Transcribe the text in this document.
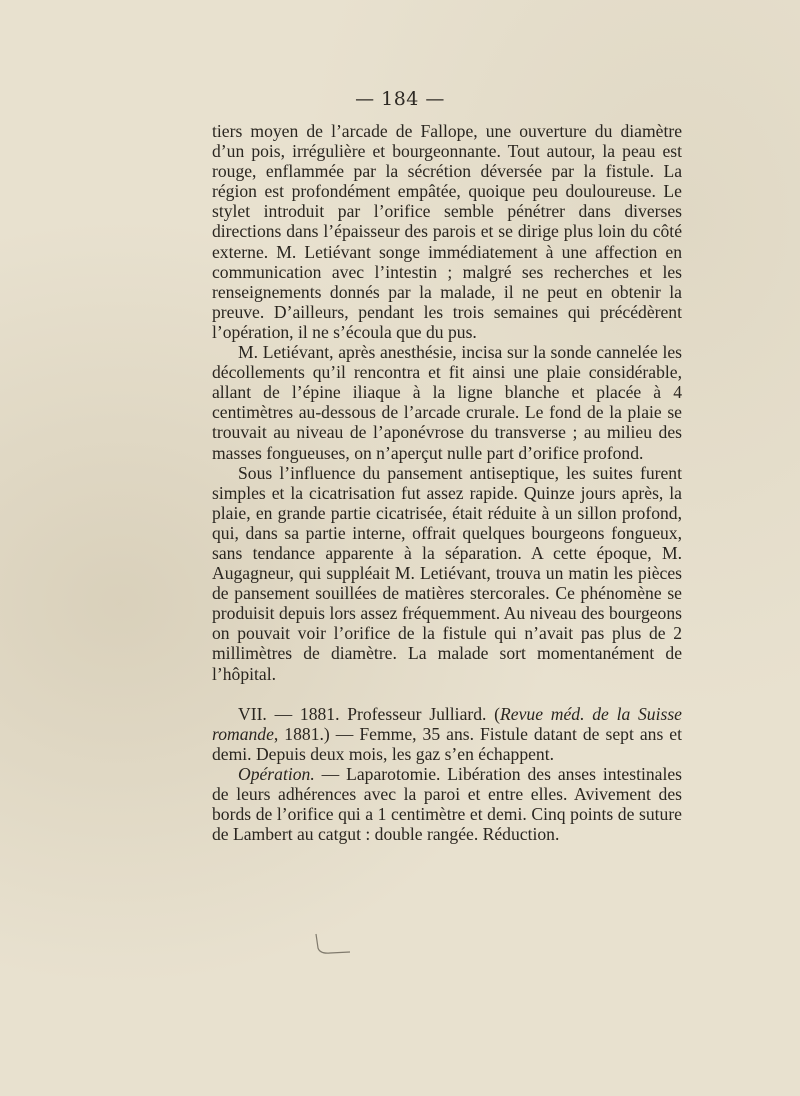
— 184 —

tiers moyen de l’arcade de Fallope, une ouverture du diamètre d’un pois, irrégulière et bourgeonnante. Tout autour, la peau est rouge, enflammée par la sécrétion déversée par la fistule. La région est profondément empâtée, quoique peu douloureuse. Le stylet introduit par l’orifice semble pénétrer dans diverses directions dans l’épaisseur des parois et se dirige plus loin du côté externe. M. Letiévant songe immédiatement à une affection en communication avec l’intestin ; malgré ses recherches et les renseignements donnés par la malade, il ne peut en obtenir la preuve. D’ailleurs, pendant les trois semaines qui précédèrent l’opération, il ne s’écoula que du pus.

M. Letiévant, après anesthésie, incisa sur la sonde cannelée les décollements qu’il rencontra et fit ainsi une plaie considérable, allant de l’épine iliaque à la ligne blanche et placée à 4 centimètres au-dessous de l’arcade crurale. Le fond de la plaie se trouvait au niveau de l’aponévrose du transverse ; au milieu des masses fongueuses, on n’aperçut nulle part d’orifice profond.

Sous l’influence du pansement antiseptique, les suites furent simples et la cicatrisation fut assez rapide. Quinze jours après, la plaie, en grande partie cicatrisée, était réduite à un sillon profond, qui, dans sa partie interne, offrait quelques bourgeons fongueux, sans tendance apparente à la séparation. A cette époque, M. Augagneur, qui suppléait M. Letiévant, trouva un matin les pièces de pansement souillées de matières stercorales. Ce phénomène se produisit depuis lors assez fréquemment. Au niveau des bourgeons on pouvait voir l’orifice de la fistule qui n’avait pas plus de 2 millimètres de diamètre. La malade sort momentanément de l’hôpital.

VII. — 1881. Professeur Julliard. (Revue méd. de la Suisse romande, 1881.) — Femme, 35 ans. Fistule datant de sept ans et demi. Depuis deux mois, les gaz s’en échappent.

Opération. — Laparotomie. Libération des anses intestinales de leurs adhérences avec la paroi et entre elles. Avivement des bords de l’orifice qui a 1 centimètre et demi. Cinq points de suture de Lambert au catgut : double rangée. Réduction.
